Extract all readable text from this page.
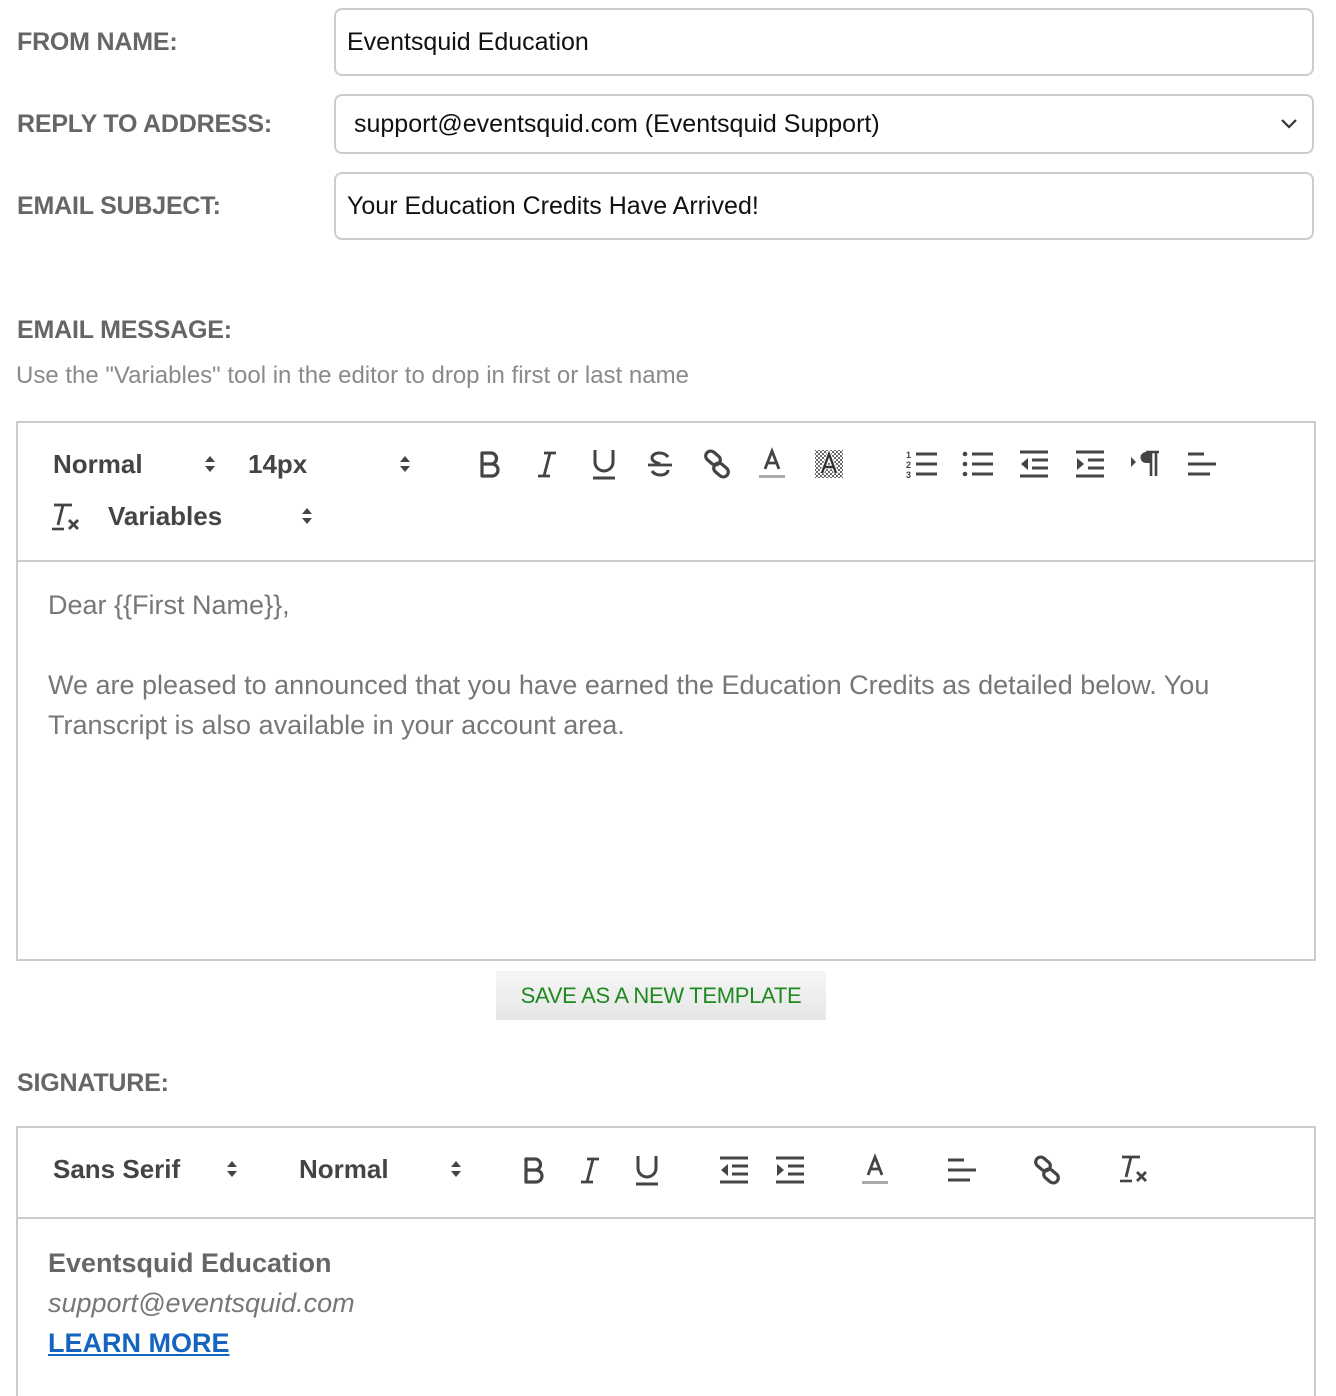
FROM NAME:	Eventsquid Education
REPLY TO ADDRESS:	support@eventsquid.com (Eventsquid Support)
EMAIL SUBJECT:	Your Education Credits Have Arrived!
EMAIL MESSAGE:
Use the "Variables" tool in the editor to drop in first or last name
Normal	14px	1
2
3
Variables
Dear {{First Name}},
We are pleased to announced that you have earned the Education Credits as detailed below. You Transcript is also available in your account area.
SAVE AS A NEW TEMPLATE
SIGNATURE:
Sans Serif	Normal
Eventsquid Education
support@eventsquid.com
LEARN MORE
